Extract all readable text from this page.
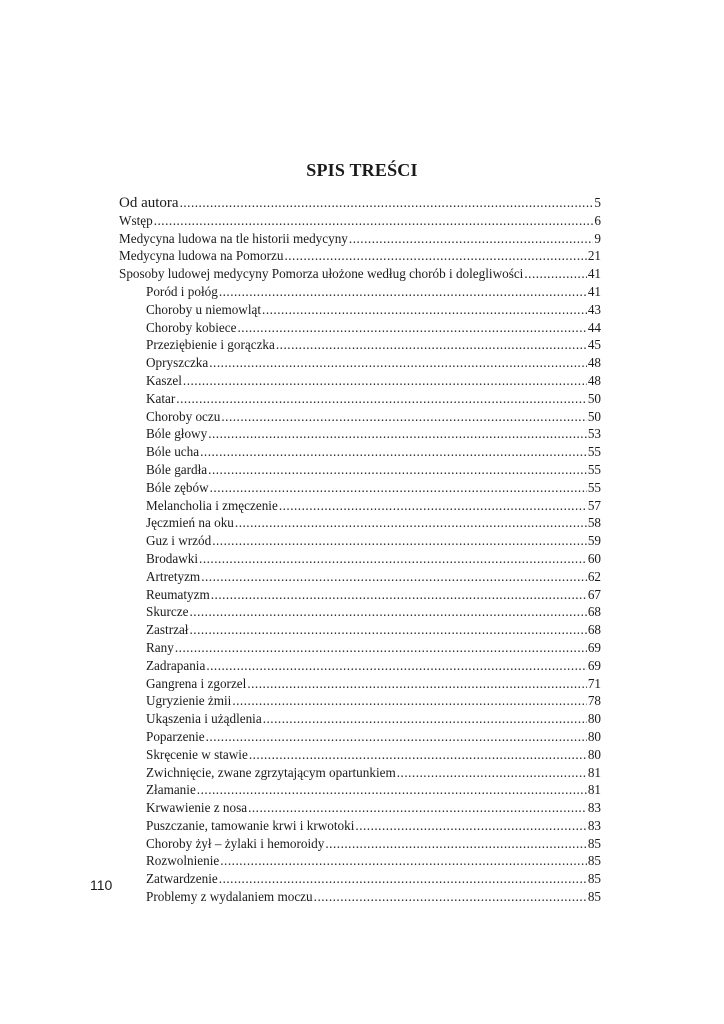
SPIS TREŚCI
Od autora .....	5
Wstęp .....	6
Medycyna ludowa na tle historii medycyny .....	9
Medycyna ludowa na Pomorzu .....	21
Sposoby ludowej medycyny Pomorza ułożone według chorób i dolegliwości .....	41
Poród i połóg .....	41
Choroby u niemowląt .....	43
Choroby kobiece .....	44
Przeziębienie i gorączka .....	45
Opryszczka .....	48
Kaszel .....	48
Katar .....	50
Choroby oczu .....	50
Bóle głowy .....	53
Bóle ucha .....	55
Bóle gardła .....	55
Bóle zębów .....	55
Melancholia i zmęczenie .....	57
Jęczmień na oku .....	58
Guz i wrzód .....	59
Brodawki .....	60
Artretyzm .....	62
Reumatyzm .....	67
Skurcze .....	68
Zastrzał .....	68
Rany .....	69
Zadrapania .....	69
Gangrena i zgorzel .....	71
Ugryzienie żmii .....	78
Ukąszenia i użądlenia .....	80
Poparzenie .....	80
Skręcenie w stawie .....	80
Zwichnięcie, zwane zgrzytającym opartunkiem .....	81
Złamanie .....	81
Krwawienie z nosa .....	83
Puszczanie, tamowanie krwi i krwotoki .....	83
Choroby żył – żylaki i hemoroidy .....	85
Rozwolnienie .....	85
Zatwardzenie .....	85
Problemy z wydalaniem moczu .....	85
110
